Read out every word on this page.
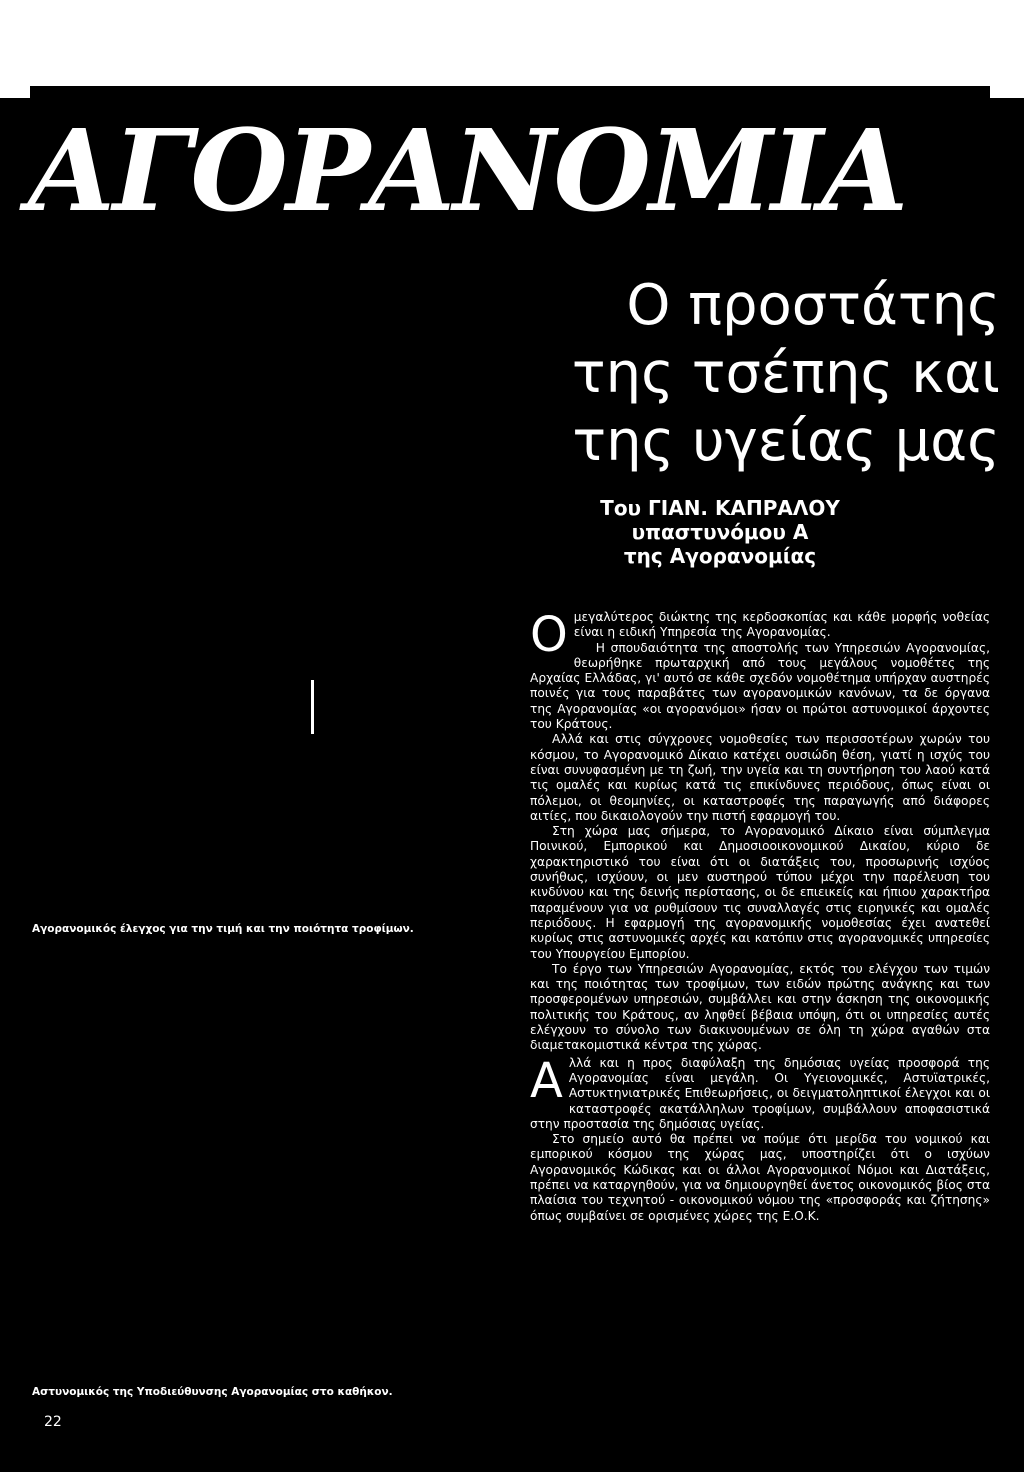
ΑΓΟΡΑΝΟΜΙΑ
Ο προστάτης
της τσέπης και
της υγείας μας
Του ΓΙΑΝ. ΚΑΠΡΑΛΟΥ
υπαστυνόμου Α
της Αγορανομίας
Αγορανομικός έλεγχος για την τιμή και την ποιότητα τροφίμων.
Αστυνομικός της Υποδιεύθυνσης Αγορανομίας στο καθήκον.
22

Ομεγαλύτερος διώκτης της κερδοσκοπίας και κάθε μορφής νοθείας είναι η ειδική Υπηρεσία της Αγορανομίας.

Η σπουδαιότητα της αποστολής των Υπηρεσιών Αγορανομίας, θεωρήθηκε πρωταρχική από τους μεγάλους νομοθέτες της Αρχαίας Ελλάδας, γι' αυτό σε κάθε σχεδόν νομοθέτημα υπήρχαν αυστηρές ποινές για τους παραβάτες των αγορανομικών κανόνων, τα δε όργανα της Αγορανομίας «οι αγορανόμοι» ήσαν οι πρώτοι αστυνομικοί άρχοντες του Κράτους.

Αλλά και στις σύγχρονες νομοθεσίες των περισσοτέρων χωρών του κόσμου, το Αγορανομικό Δίκαιο κατέχει ουσιώδη θέση, γιατί η ισχύς του είναι συνυφασμένη με τη ζωή, την υγεία και τη συντήρηση του λαού κατά τις ομαλές και κυρίως κατά τις επικίνδυνες περιόδους, όπως είναι οι πόλεμοι, οι θεομηνίες, οι καταστροφές της παραγωγής από διάφορες αιτίες, που δικαιολογούν την πιστή εφαρμογή του.

Στη χώρα μας σήμερα, το Αγορανομικό Δίκαιο είναι σύμπλεγμα Ποινικού, Εμπορικού και Δημοσιοοικονομικού Δικαίου, κύριο δε χαρακτηριστικό του είναι ότι οι διατάξεις του, προσωρινής ισχύος συνήθως, ισχύουν, οι μεν αυστηρού τύπου μέχρι την παρέλευση του κινδύνου και της δεινής περίστασης, οι δε επιεικείς και ήπιου χαρακτήρα παραμένουν για να ρυθμίσουν τις συναλλαγές στις ειρηνικές και ομαλές περιόδους. Η εφαρμογή της αγορανομικής νομοθεσίας έχει ανατεθεί κυρίως στις αστυνομικές αρχές και κατόπιν στις αγορανομικές υπηρεσίες του Υπουργείου Εμπορίου.

Το έργο των Υπηρεσιών Αγορανομίας, εκτός του ελέγχου των τιμών και της ποιότητας των τροφίμων, των ειδών πρώτης ανάγκης και των προσφερομένων υπηρεσιών, συμβάλλει και στην άσκηση της οικονομικής πολιτικής του Κράτους, αν ληφθεί βέβαια υπόψη, ότι οι υπηρεσίες αυτές ελέγχουν το σύνολο των διακινουμένων σε όλη τη χώρα αγαθών στα διαμετακομιστικά κέντρα της χώρας.

Αλλά και η προς διαφύλαξη της δημόσιας υγείας προσφορά της Αγορανομίας είναι μεγάλη. Οι Υγειονομικές, Αστυϊατρικές, Αστυκτηνιατρικές Επιθεωρήσεις, οι δειγματοληπτικοί έλεγχοι και οι καταστροφές ακατάλληλων τροφίμων, συμβάλλουν αποφασιστικά στην προστασία της δημόσιας υγείας.

Στο σημείο αυτό θα πρέπει να πούμε ότι μερίδα του νομικού και εμπορικού κόσμου της χώρας μας, υποστηρίζει ότι ο ισχύων Αγορανομικός Κώδικας και οι άλλοι Αγορανομικοί Νόμοι και Διατάξεις, πρέπει να καταργηθούν, για να δημιουργηθεί άνετος οικονομικός βίος στα πλαίσια του τεχνητού - οικονομικού νόμου της «προσφοράς και ζήτησης» όπως συμβαίνει σε ορισμένες χώρες της Ε.Ο.Κ.
